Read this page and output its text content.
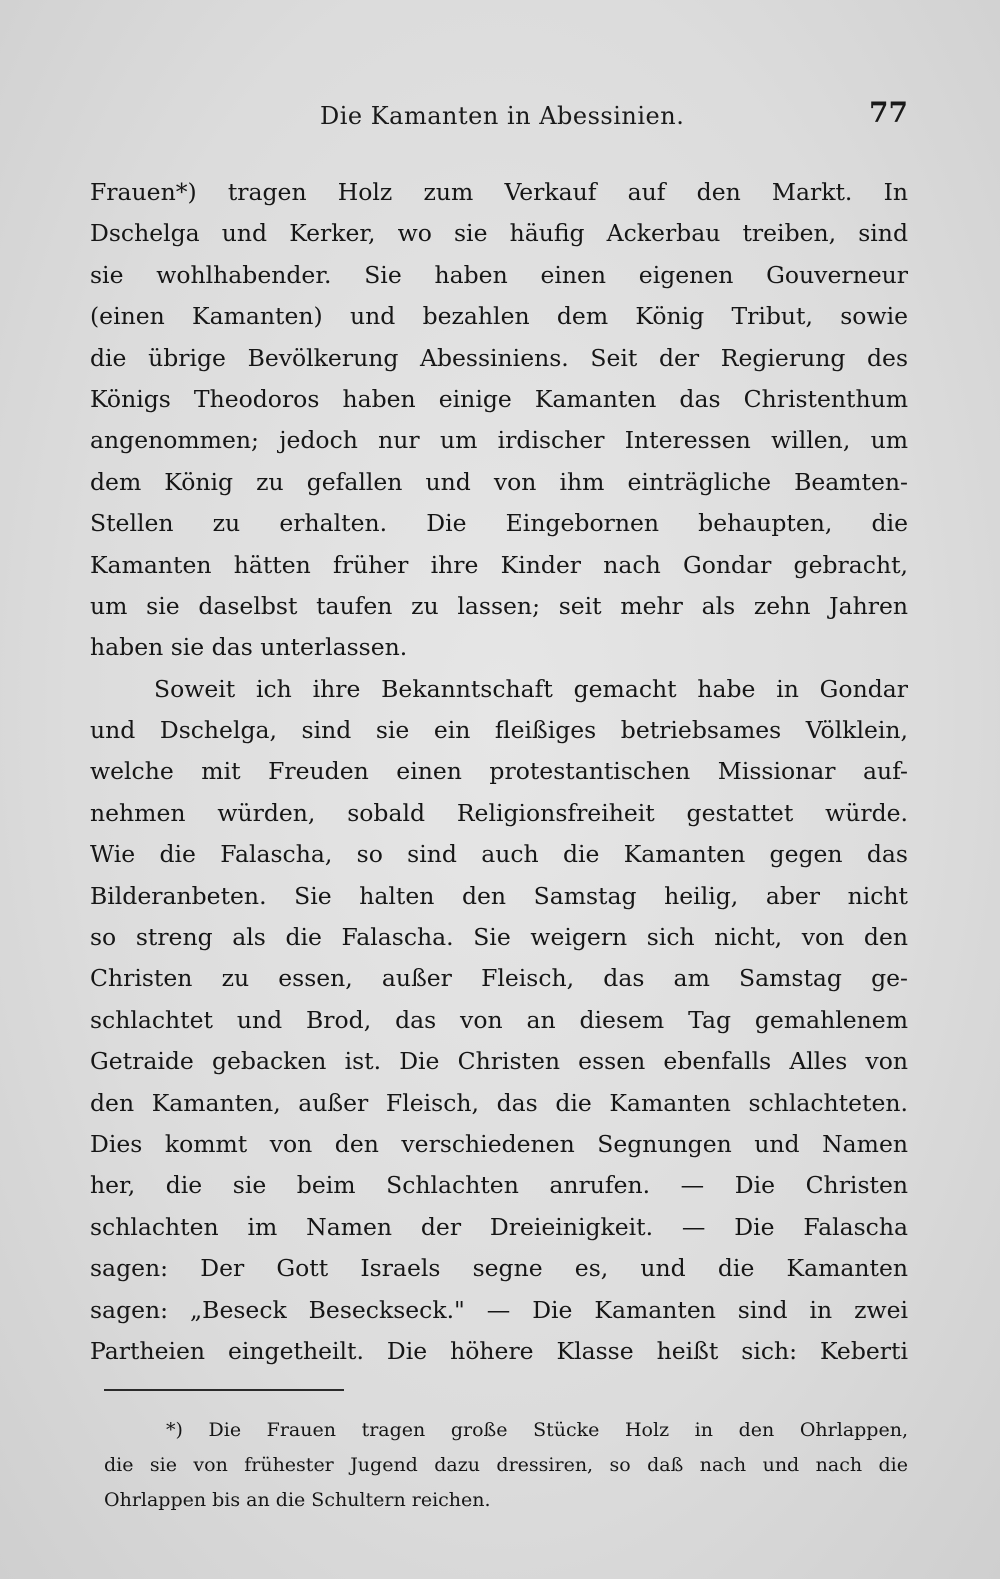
Die Kamanten in Abessinien.	77
Frauen*) tragen Holz zum Verkauf auf den Markt. In
Dschelga und Kerker, wo sie häufig Ackerbau treiben, sind
sie wohlhabender. Sie haben einen eigenen Gouverneur
(einen Kamanten) und bezahlen dem König Tribut, sowie
die übrige Bevölkerung Abessiniens. Seit der Regierung des
Königs Theodoros haben einige Kamanten das Christenthum
angenommen; jedoch nur um irdischer Interessen willen, um
dem König zu gefallen und von ihm einträgliche Beamten-
Stellen zu erhalten. Die Eingebornen behaupten, die
Kamanten hätten früher ihre Kinder nach Gondar gebracht,
um sie daselbst taufen zu lassen; seit mehr als zehn Jahren
haben sie das unterlassen.
Soweit ich ihre Bekanntschaft gemacht habe in Gondar
und Dschelga, sind sie ein fleißiges betriebsames Völklein,
welche mit Freuden einen protestantischen Missionar auf-
nehmen würden, sobald Religionsfreiheit gestattet würde.
Wie die Falascha, so sind auch die Kamanten gegen das
Bilderanbeten. Sie halten den Samstag heilig, aber nicht
so streng als die Falascha. Sie weigern sich nicht, von den
Christen zu essen, außer Fleisch, das am Samstag ge-
schlachtet und Brod, das von an diesem Tag gemahlenem
Getraide gebacken ist. Die Christen essen ebenfalls Alles von
den Kamanten, außer Fleisch, das die Kamanten schlachteten.
Dies kommt von den verschiedenen Segnungen und Namen
her, die sie beim Schlachten anrufen. — Die Christen
schlachten im Namen der Dreieinigkeit. — Die Falascha
sagen: Der Gott Israels segne es, und die Kamanten
sagen: „Beseck Beseckseck." — Die Kamanten sind in zwei
Partheien eingetheilt. Die höhere Klasse heißt sich: Keberti
*) Die Frauen tragen große Stücke Holz in den Ohrlappen,
die sie von frühester Jugend dazu dressiren, so daß nach und nach die
Ohrlappen bis an die Schultern reichen.
